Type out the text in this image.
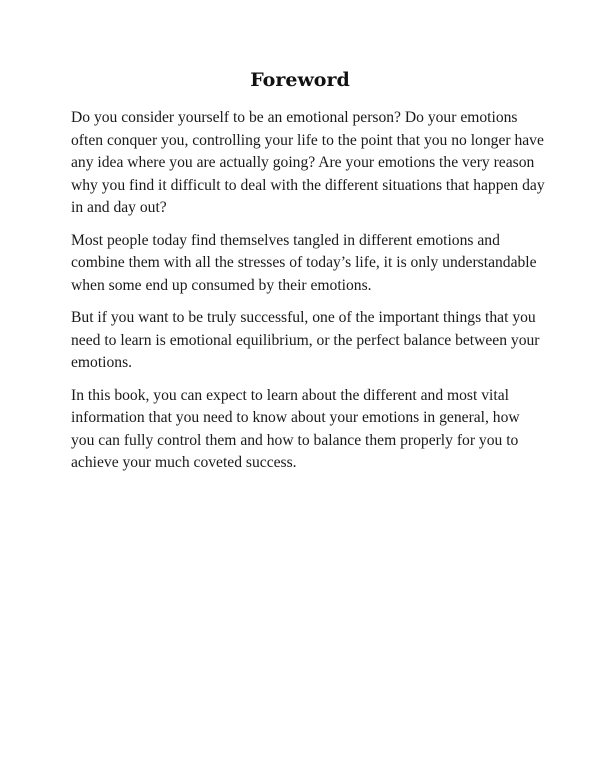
Foreword

Do you consider yourself to be an emotional person? Do your emotions
often conquer you, controlling your life to the point that you no longer have
any idea where you are actually going? Are your emotions the very reason
why you find it difficult to deal with the different situations that happen day
in and day out?

Most people today find themselves tangled in different emotions and
combine them with all the stresses of today’s life, it is only understandable
when some end up consumed by their emotions.

But if you want to be truly successful, one of the important things that you
need to learn is emotional equilibrium, or the perfect balance between your
emotions.

In this book, you can expect to learn about the different and most vital
information that you need to know about your emotions in general, how
you can fully control them and how to balance them properly for you to
achieve your much coveted success.
